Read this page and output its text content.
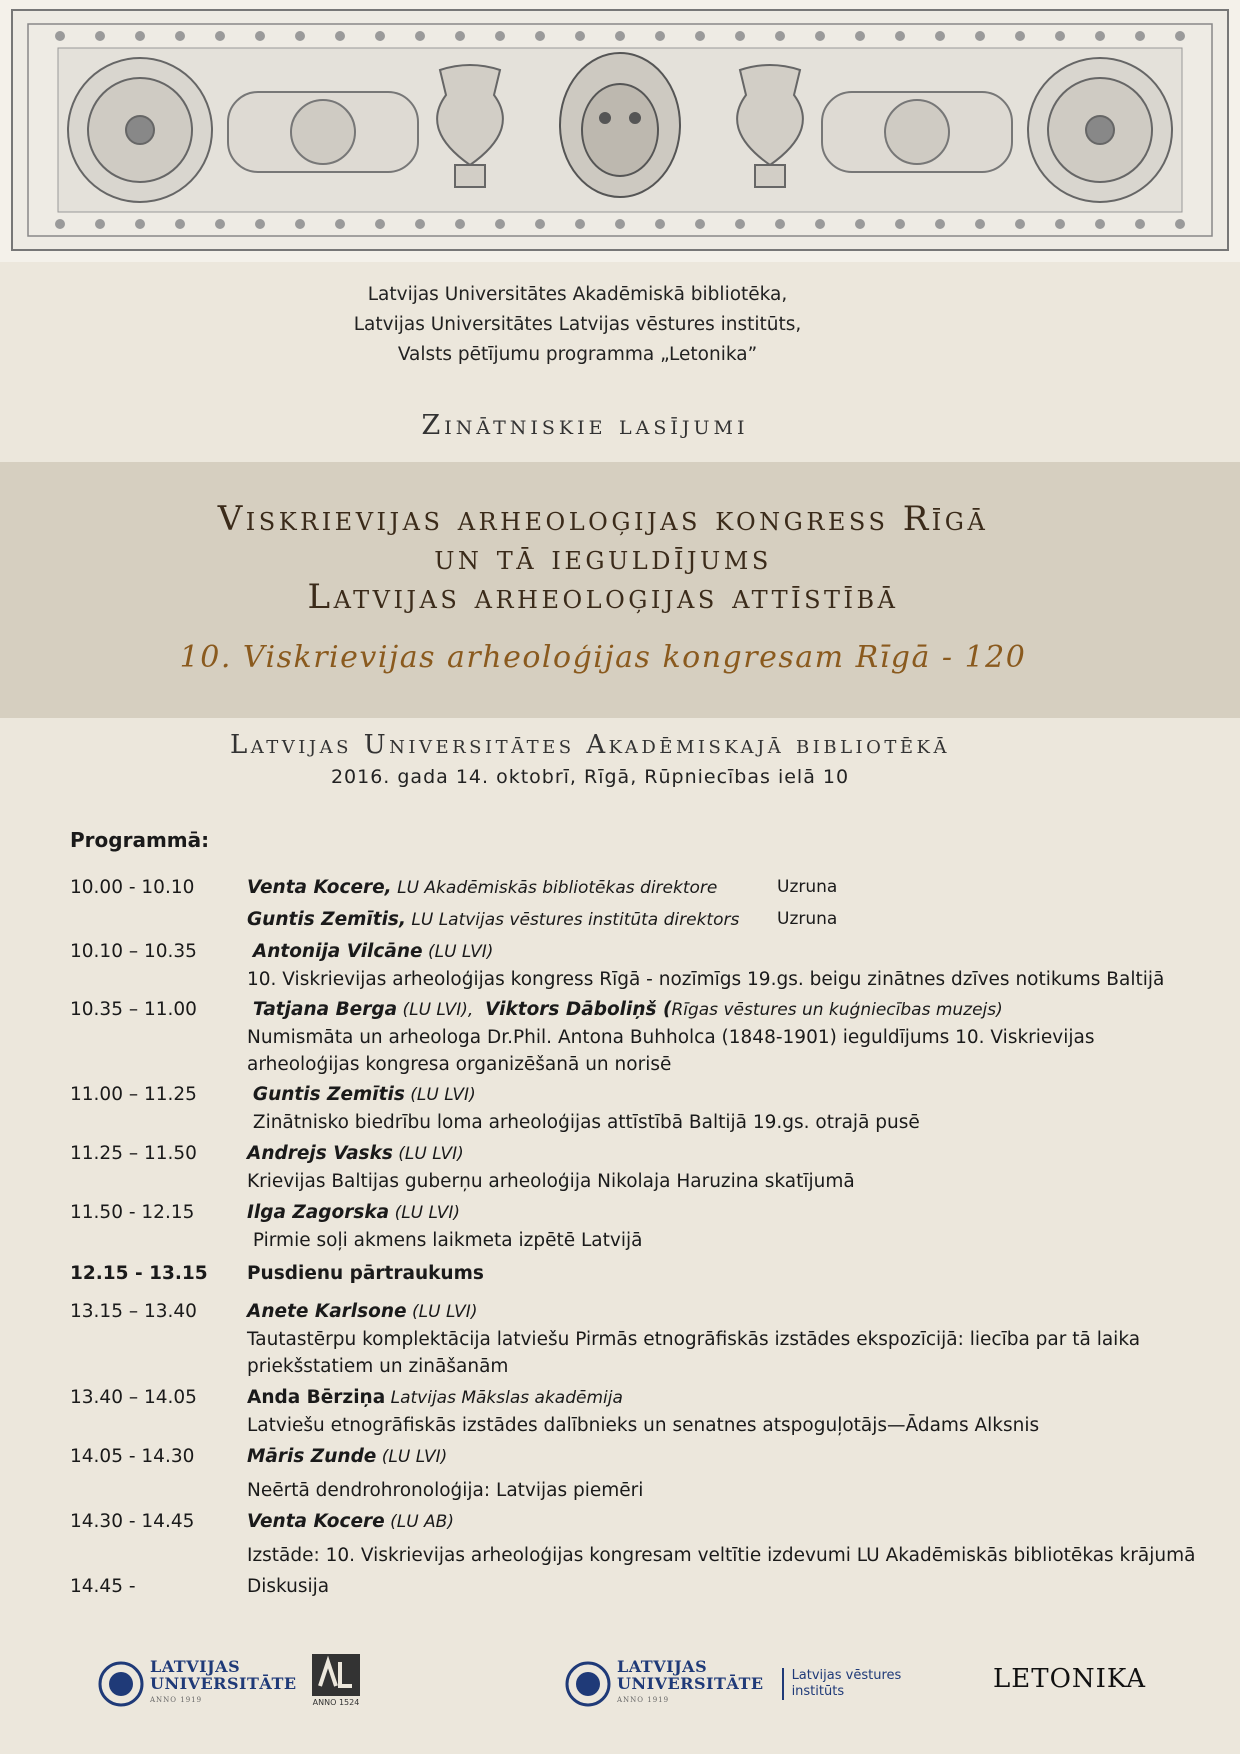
Latvijas Universitātes Akadēmiskā bibliotēka,
Latvijas Universitātes Latvijas vēstures institūts,
Valsts pētījumu programma „Letonika”
Zinātniskie lasījumi
Viskrievijas arheoloģijas kongress Rīgā
un tā ieguldījums
Latvijas arheoloģijas attīstībā
10. Viskrievijas arheoloģijas kongresam Rīgā - 120
Latvijas Universitātes Akadēmiskajā bibliotēkā
2016. gada 14. oktobrī, Rīgā, Rūpniecības ielā 10
Programmā:
10.00 - 10.10	Venta Kocere, LU Akadēmiskās bibliotēkas direktore	Uzruna
Guntis Zemītis, LU Latvijas vēstures institūta direktors	Uzruna
10.10 – 10.35	Antonija Vilcāne (LU LVI)
10. Viskrievijas arheoloģijas kongress Rīgā - nozīmīgs 19.gs. beigu zinātnes dzīves notikums Baltijā
10.35 – 11.00	Tatjana Berga (LU LVI), Viktors Dāboliņš (Rīgas vēstures un kuģniecības muzejs)
Numismāta un arheologa Dr.Phil. Antona Buhholca (1848-1901) ieguldījums 10. Viskrievijas
arheoloģijas kongresa organizēšanā un norisē
11.00 – 11.25	Guntis Zemītis (LU LVI)
Zinātnisko biedrību loma arheoloģijas attīstībā Baltijā 19.gs. otrajā pusē
11.25 – 11.50	Andrejs Vasks (LU LVI)
Krievijas Baltijas guberņu arheoloģija Nikolaja Haruzina skatījumā
11.50 - 12.15	Ilga Zagorska (LU LVI)
Pirmie soļi akmens laikmeta izpētē Latvijā
12.15 - 13.15 Pusdienu pārtraukums
13.15 – 13.40	Anete Karlsone (LU LVI)
Tautastērpu komplektācija latviešu Pirmās etnogrāfiskās izstādes ekspozīcijā: liecība par tā laika
priekšstatiem un zināšanām
13.40 – 14.05	Anda Bērziņa Latvijas Mākslas akadēmija
Latviešu etnogrāfiskās izstādes dalībnieks un senatnes atspoguļotājs—Ādams Alksnis
14.05 - 14.30	Māris Zunde (LU LVI)
Neērtā dendrohronoloģija: Latvijas piemēri
14.30 - 14.45	Venta Kocere (LU AB)
Izstāde: 10. Viskrievijas arheoloģijas kongresam veltītie izdevumi LU Akadēmiskās bibliotēkas krājumā
14.45 -	Diskusija
LATVIJAS
UNIVERSITĀTE
ANNO 1919	ANNO 1524
LATVIJAS
UNIVERSITĀTE
ANNO 1919
Latvijas vēstures
institūts	LETONIKA
